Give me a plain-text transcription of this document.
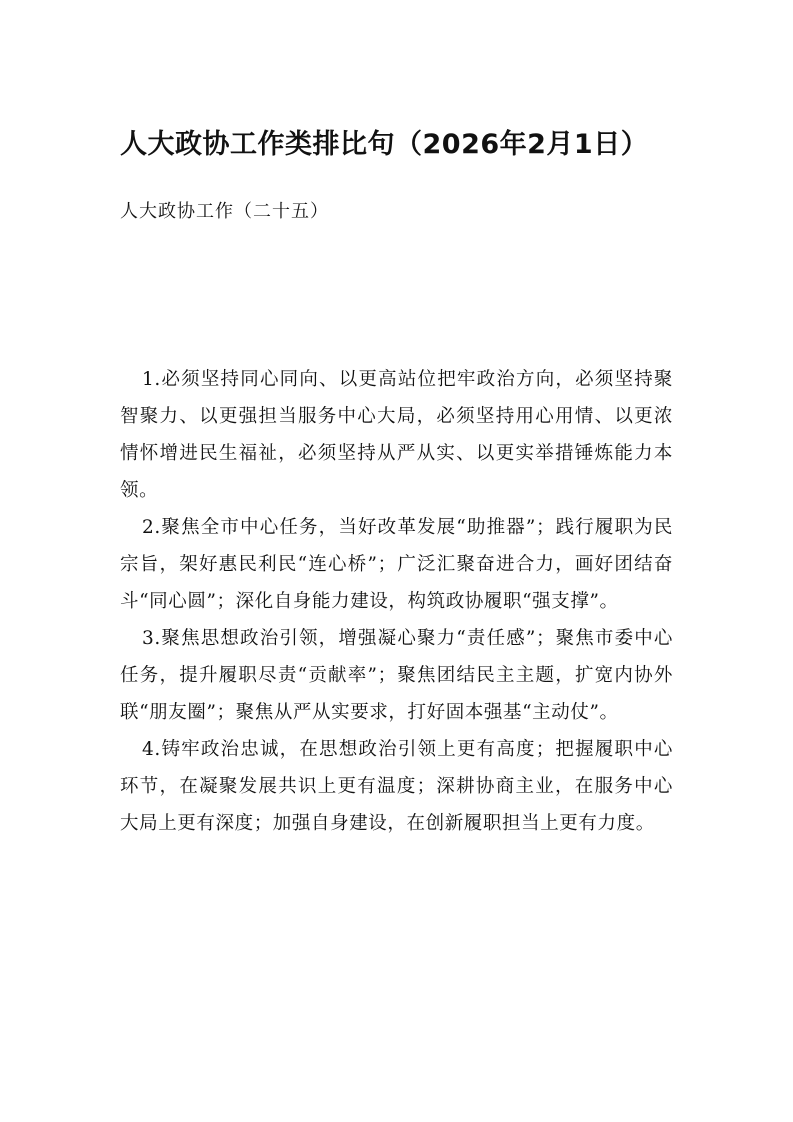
人大政协工作类排比句（2026年2月1日）

人大政协工作（二十五）

1.必须坚持同心同向、以更高站位把牢政治方向，必须坚持聚智聚力、以更强担当服务中心大局，必须坚持用心用情、以更浓情怀增进民生福祉，必须坚持从严从实、以更实举措锤炼能力本领。

2.聚焦全市中心任务，当好改革发展“助推器”；践行履职为民宗旨，架好惠民利民“连心桥”；广泛汇聚奋进合力，画好团结奋斗“同心圆”；深化自身能力建设，构筑政协履职“强支撑”。

3.聚焦思想政治引领，增强凝心聚力“责任感”；聚焦市委中心任务，提升履职尽责“贡献率”；聚焦团结民主主题，扩宽内协外联“朋友圈”；聚焦从严从实要求，打好固本强基“主动仗”。

4.铸牢政治忠诚，在思想政治引领上更有高度；把握履职中心环节，在凝聚发展共识上更有温度；深耕协商主业，在服务中心大局上更有深度；加强自身建设，在创新履职担当上更有力度。
